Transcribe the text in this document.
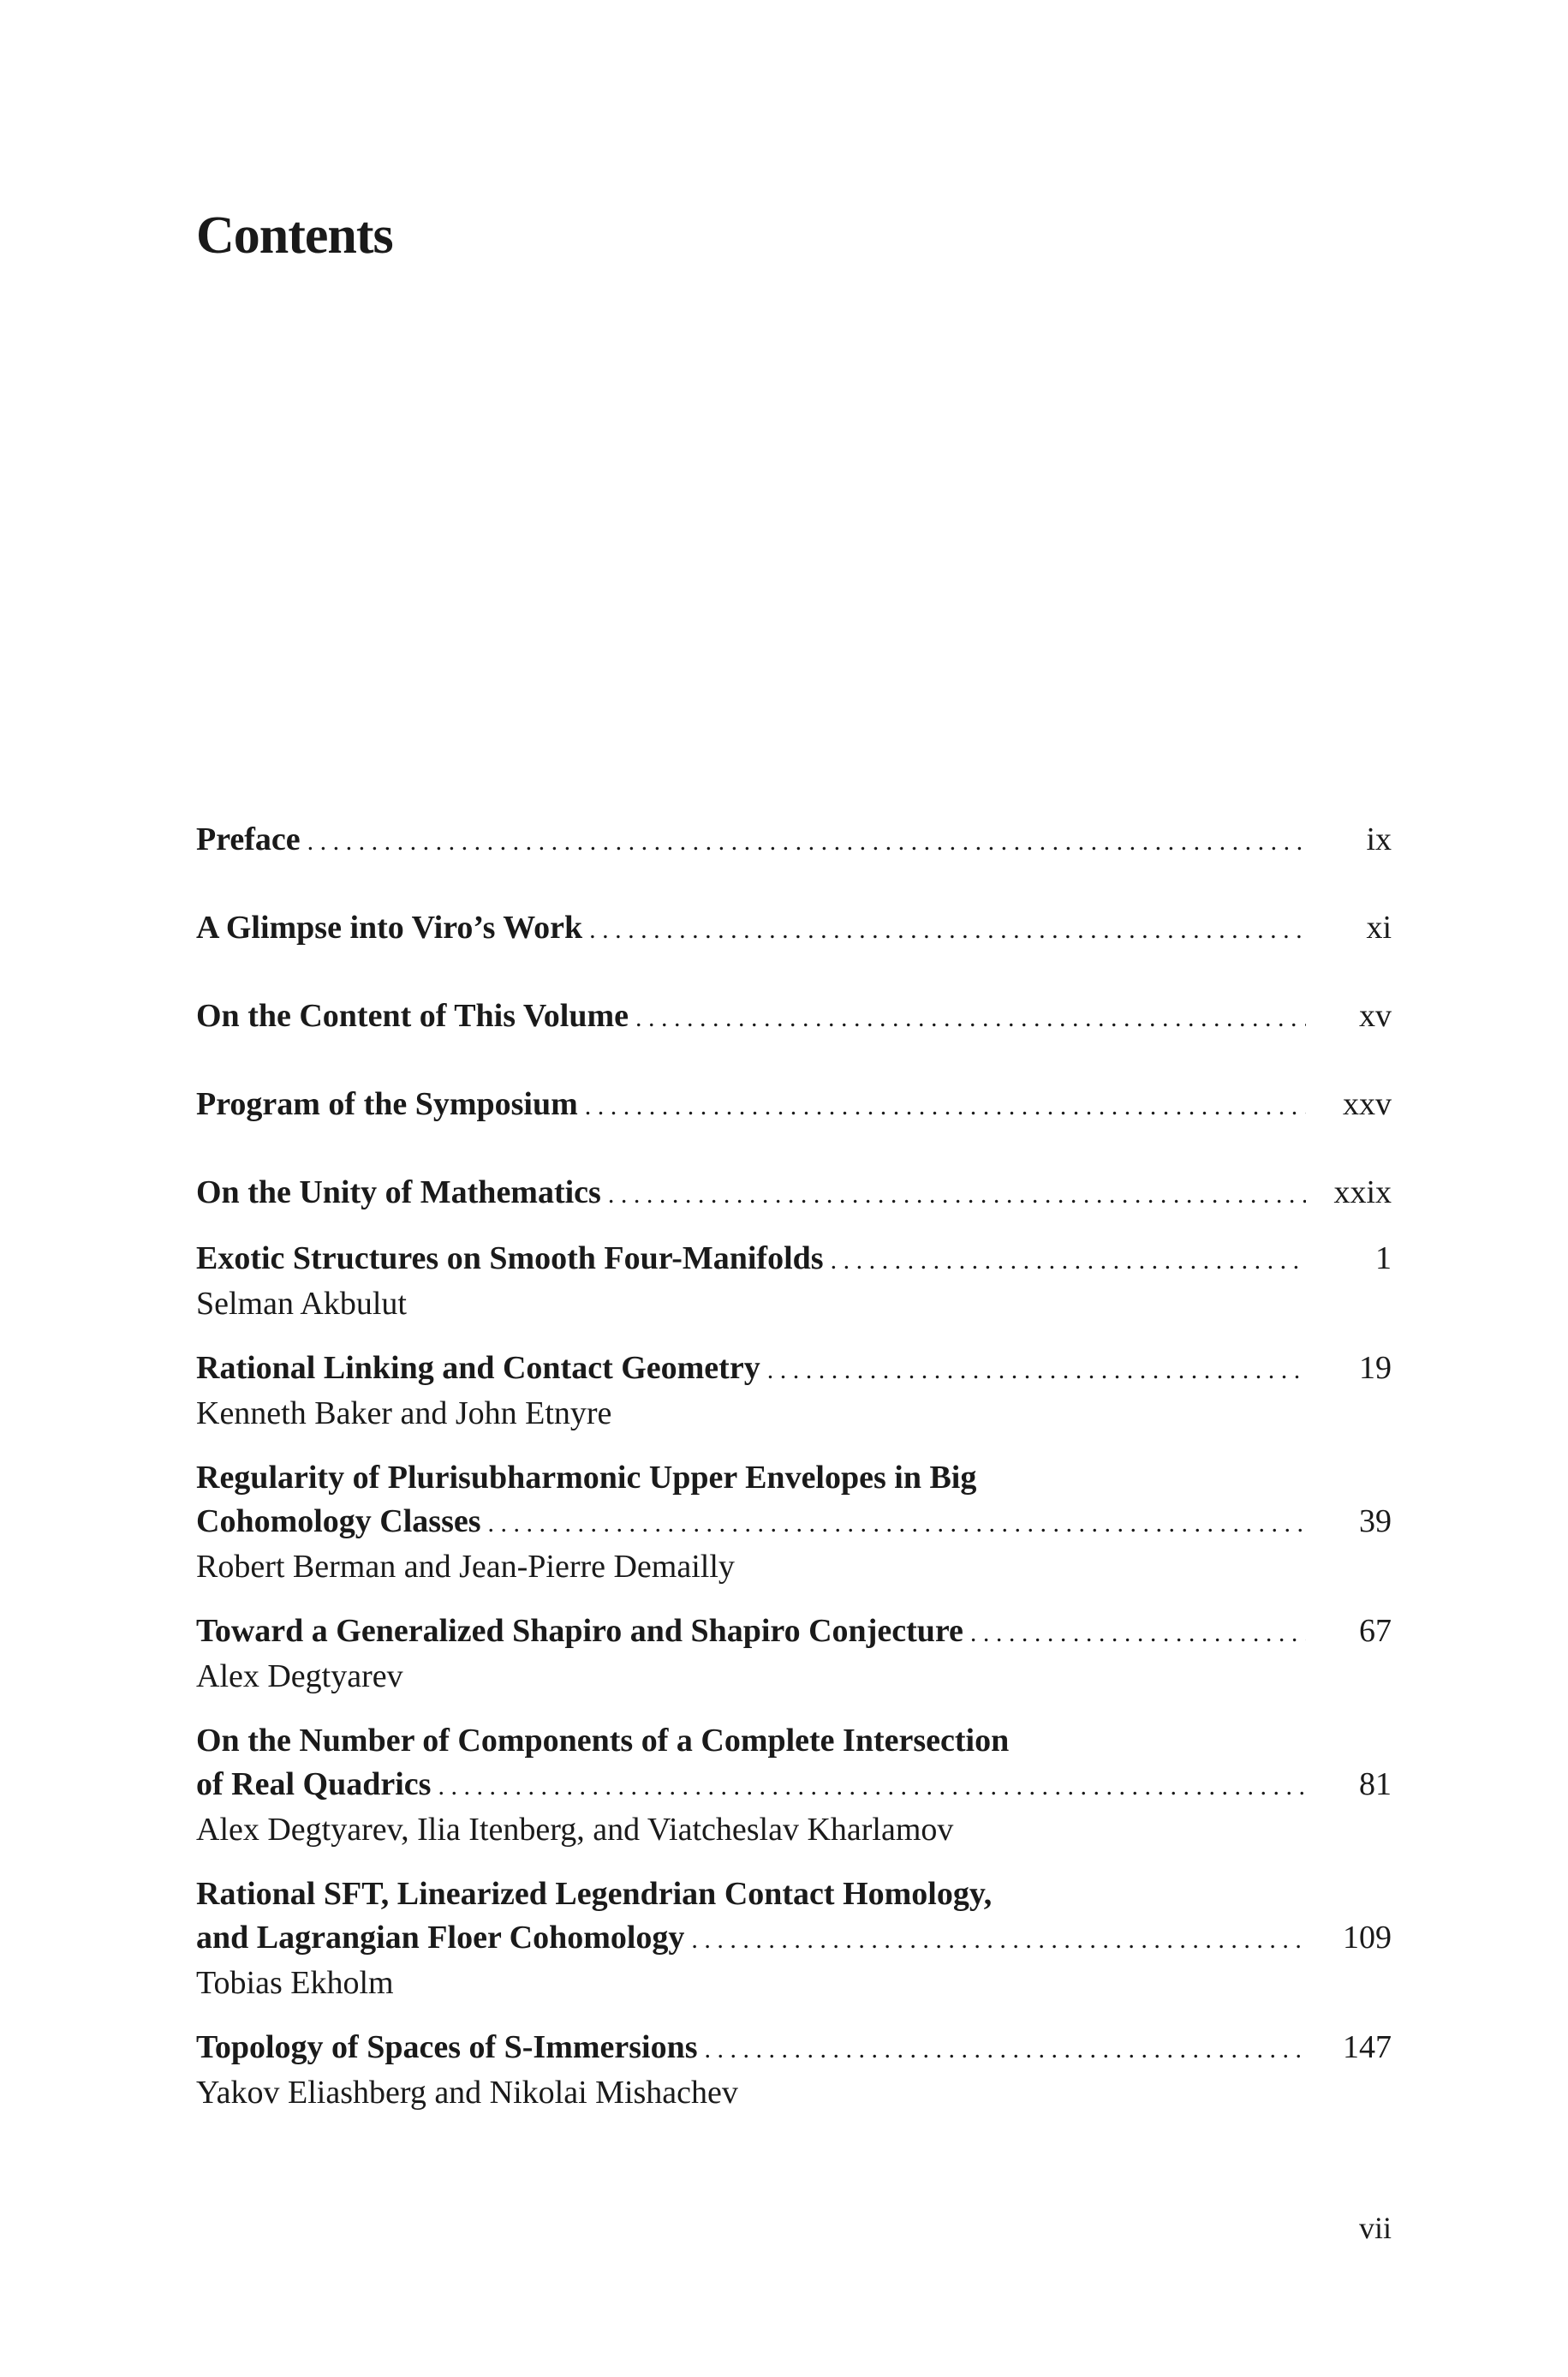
Contents
Preface . . .	ix
A Glimpse into Viro’s Work . . .	xi
On the Content of This Volume . . .	xv
Program of the Symposium . . .	xxv
On the Unity of Mathematics . . .	xxix
Exotic Structures on Smooth Four-Manifolds . . .	1
Selman Akbulut
Rational Linking and Contact Geometry . . .	19
Kenneth Baker and John Etnyre
Regularity of Plurisubharmonic Upper Envelopes in Big
Cohomology Classes . . .	39
Robert Berman and Jean-Pierre Demailly
Toward a Generalized Shapiro and Shapiro Conjecture . . .	67
Alex Degtyarev
On the Number of Components of a Complete Intersection
of Real Quadrics . . .	81
Alex Degtyarev, Ilia Itenberg, and Viatcheslav Kharlamov
Rational SFT, Linearized Legendrian Contact Homology,
and Lagrangian Floer Cohomology . . .	109
Tobias Ekholm
Topology of Spaces of S-Immersions . . .	147
Yakov Eliashberg and Nikolai Mishachev
vii
